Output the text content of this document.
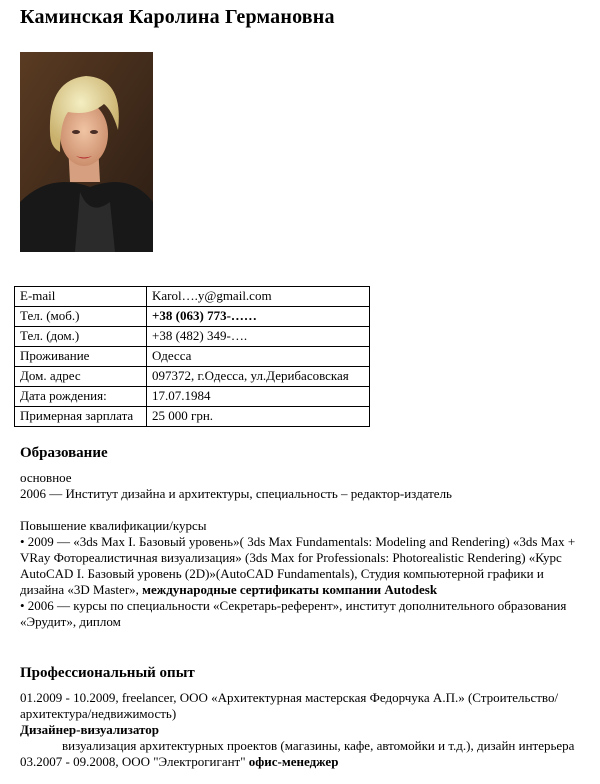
Каминская Каролина Германовна
E-mail	Karol….y@gmail.com
Тел. (моб.)	+38 (063) 773-……
Тел. (дом.)	+38 (482) 349-….
Проживание	Одесса
Дом. адрес	097372, г.Одесса, ул.Дерибасовская
Дата рождения:	17.07.1984
Примерная зарплата	25 000 грн.
Образование

основное

2006 — Институт дизайна и архитектуры, специальность – редактор-издатель

Повышение квалификации/курсы

• 2009 — «3ds Max I. Базовый уровень»( 3ds Max Fundamentals: Modeling and Rendering) «3ds Max + VRay Фотореалистичная визуализация» (3ds Max for Professionals: Photorealistic Rendering) «Курс AutoCAD I. Базовый уровень (2D)»(AutoCAD Fundamentals), Студия компьютерной графики и дизайна «3D Master», международные сертификаты компании Autodesk

• 2006 — курсы по специальности «Секретарь-референт», институт дополнительного образования «Эрудит», диплом

Профессиональный опыт

01.2009 - 10.2009, freelancer, ООО «Архитектурная мастерская Федорчука А.П.» (Строительство/архитектура/недвижимость)

Дизайнер-визуализатор

визуализация архитектурных проектов (магазины, кафе, автомойки и т.д.), дизайн интерьера

03.2007 - 09.2008, ООО "Электрогигант" офис-менеджер
